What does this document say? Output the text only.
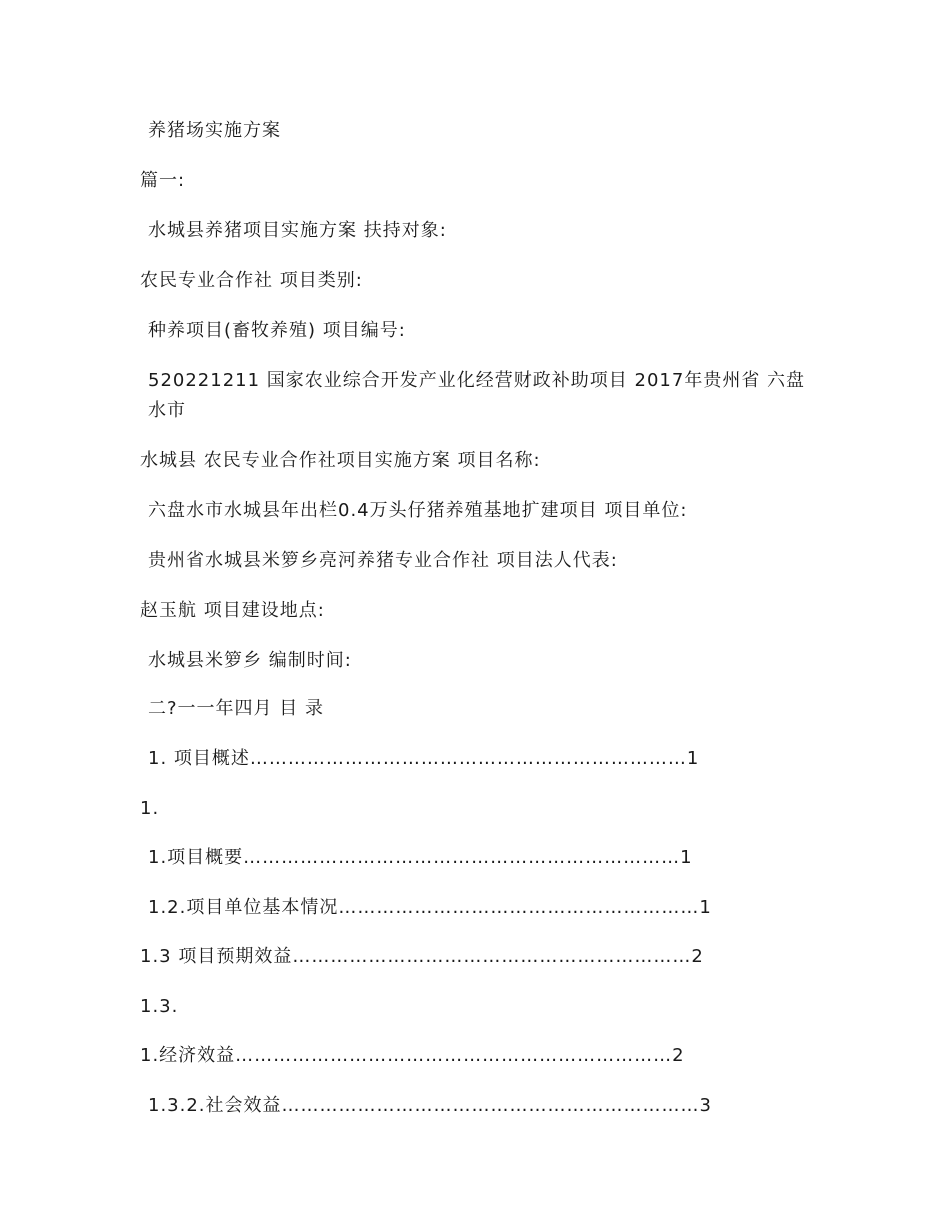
养猪场实施方案

篇一:

水城县养猪项目实施方案 扶持对象:

农民专业合作社 项目类别:

种养项目(畜牧养殖) 项目编号:

520221211 国家农业综合开发产业化经营财政补助项目 2017年贵州省 六盘水市

水城县 农民专业合作社项目实施方案 项目名称:

六盘水市水城县年出栏0.4万头仔猪养殖基地扩建项目 项目单位:

贵州省水城县米箩乡亮河养猪专业合作社 项目法人代表:

赵玉航 项目建设地点:

水城县米箩乡 编制时间:

二?一一年四月 目 录

1. 项目概述……………………………………………………………1

1.

1.项目概要……………………………………………………………1

1.2.项目单位基本情况…………………………………………………1

1.3 项目预期效益………………………………………………………2

1.3.

1.经济效益……………………………………………………………2

1.3.2.社会效益…………………………………………………………3
